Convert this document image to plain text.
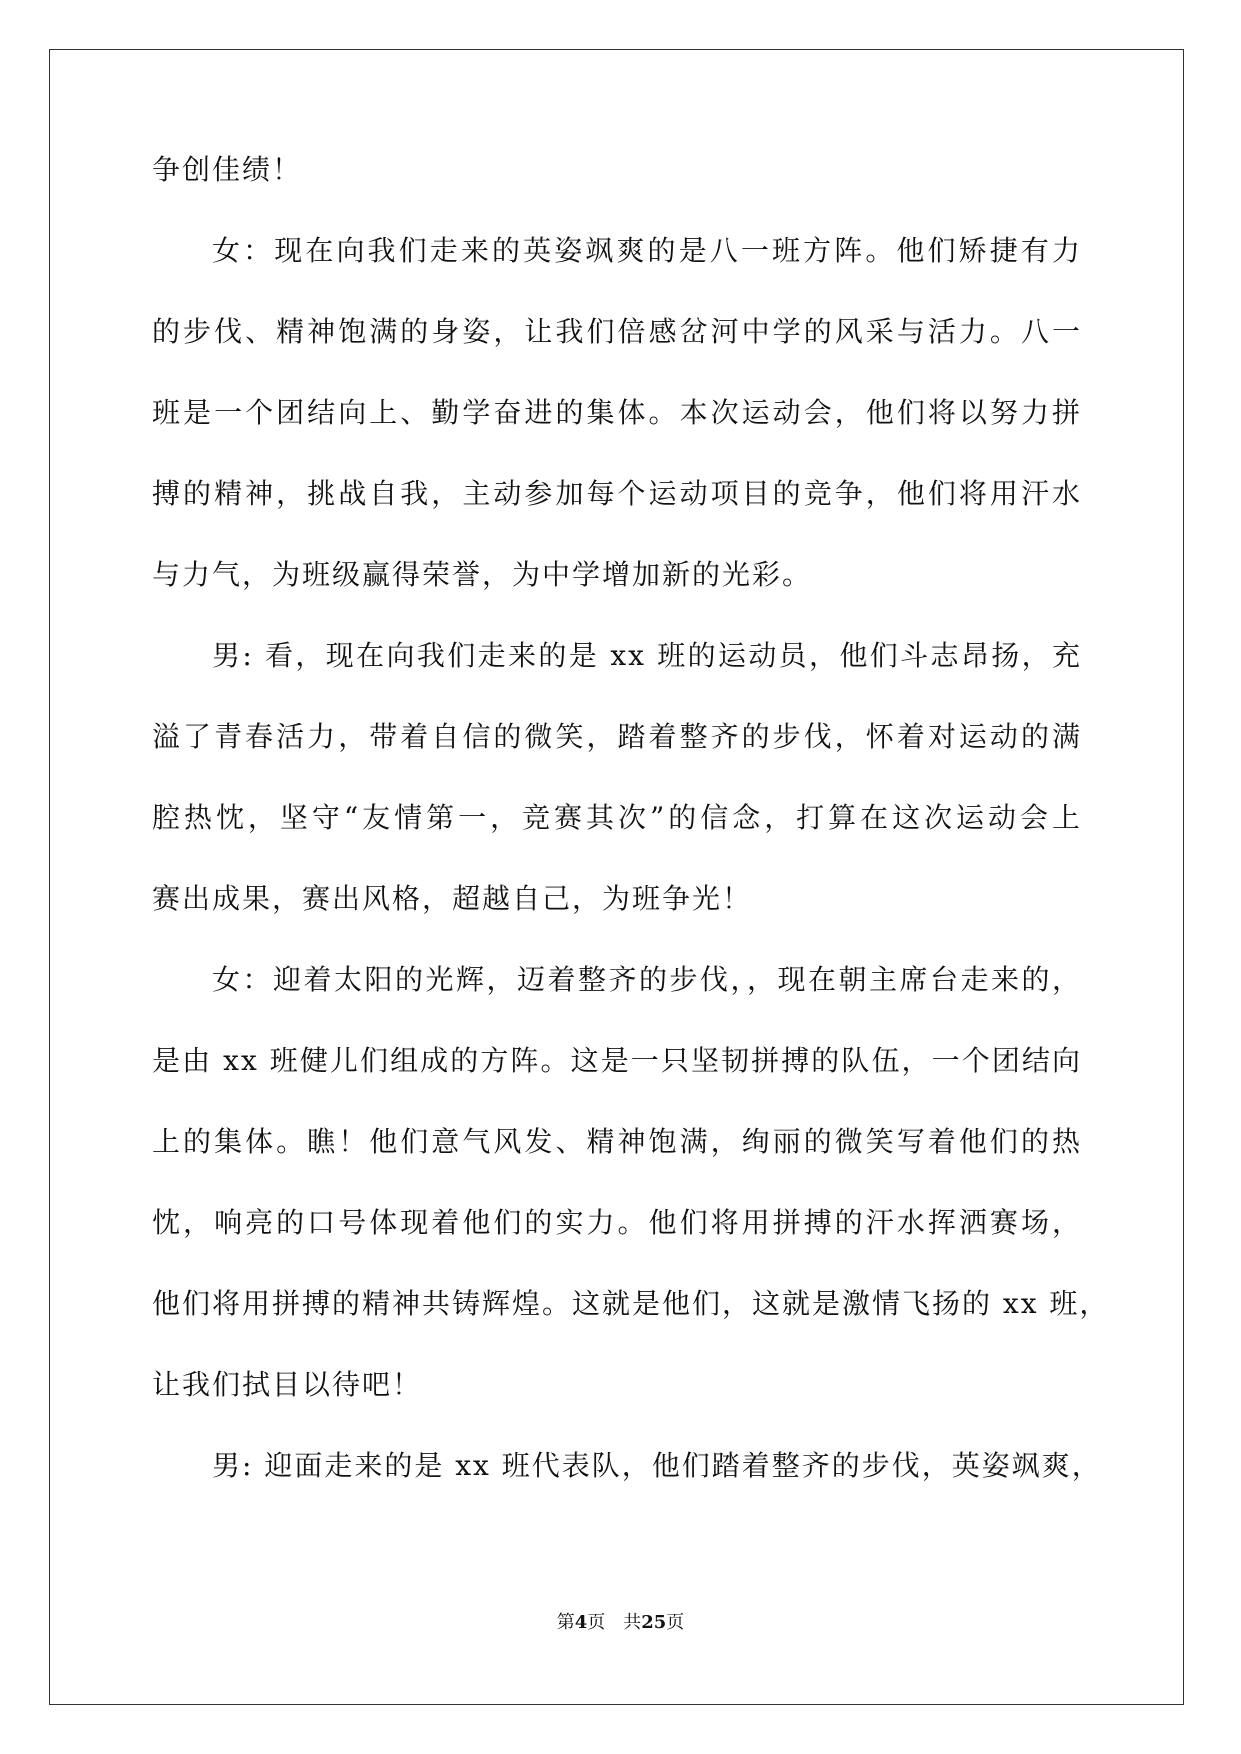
争创佳绩！
女：现在向我们走来的英姿飒爽的是八一班方阵。他们矫捷有力
的步伐、精神饱满的身姿，让我们倍感岔河中学的风采与活力。八一
班是一个团结向上、勤学奋进的集体。本次运动会，他们将以努力拼
搏的精神，挑战自我，主动参加每个运动项目的竞争，他们将用汗水
与力气，为班级赢得荣誉，为中学增加新的光彩。
男: 看，现在向我们走来的是 xx 班的运动员，他们斗志昂扬，充
溢了青春活力，带着自信的微笑，踏着整齐的步伐，怀着对运动的满
腔热忱，坚守“友情第一，竞赛其次”的信念，打算在这次运动会上
赛出成果，赛出风格，超越自己，为班争光！
女：迎着太阳的光辉，迈着整齐的步伐，，现在朝主席台走来的，
是由 xx 班健儿们组成的方阵。这是一只坚韧拼搏的队伍，一个团结向
上的集体。瞧！他们意气风发、精神饱满，绚丽的微笑写着他们的热
忱，响亮的口号体现着他们的实力。他们将用拼搏的汗水挥洒赛场，
他们将用拼搏的精神共铸辉煌。这就是他们，这就是激情飞扬的 xx 班，
让我们拭目以待吧！
男: 迎面走来的是 xx 班代表队，他们踏着整齐的步伐，英姿飒爽，
第4页 共25页
